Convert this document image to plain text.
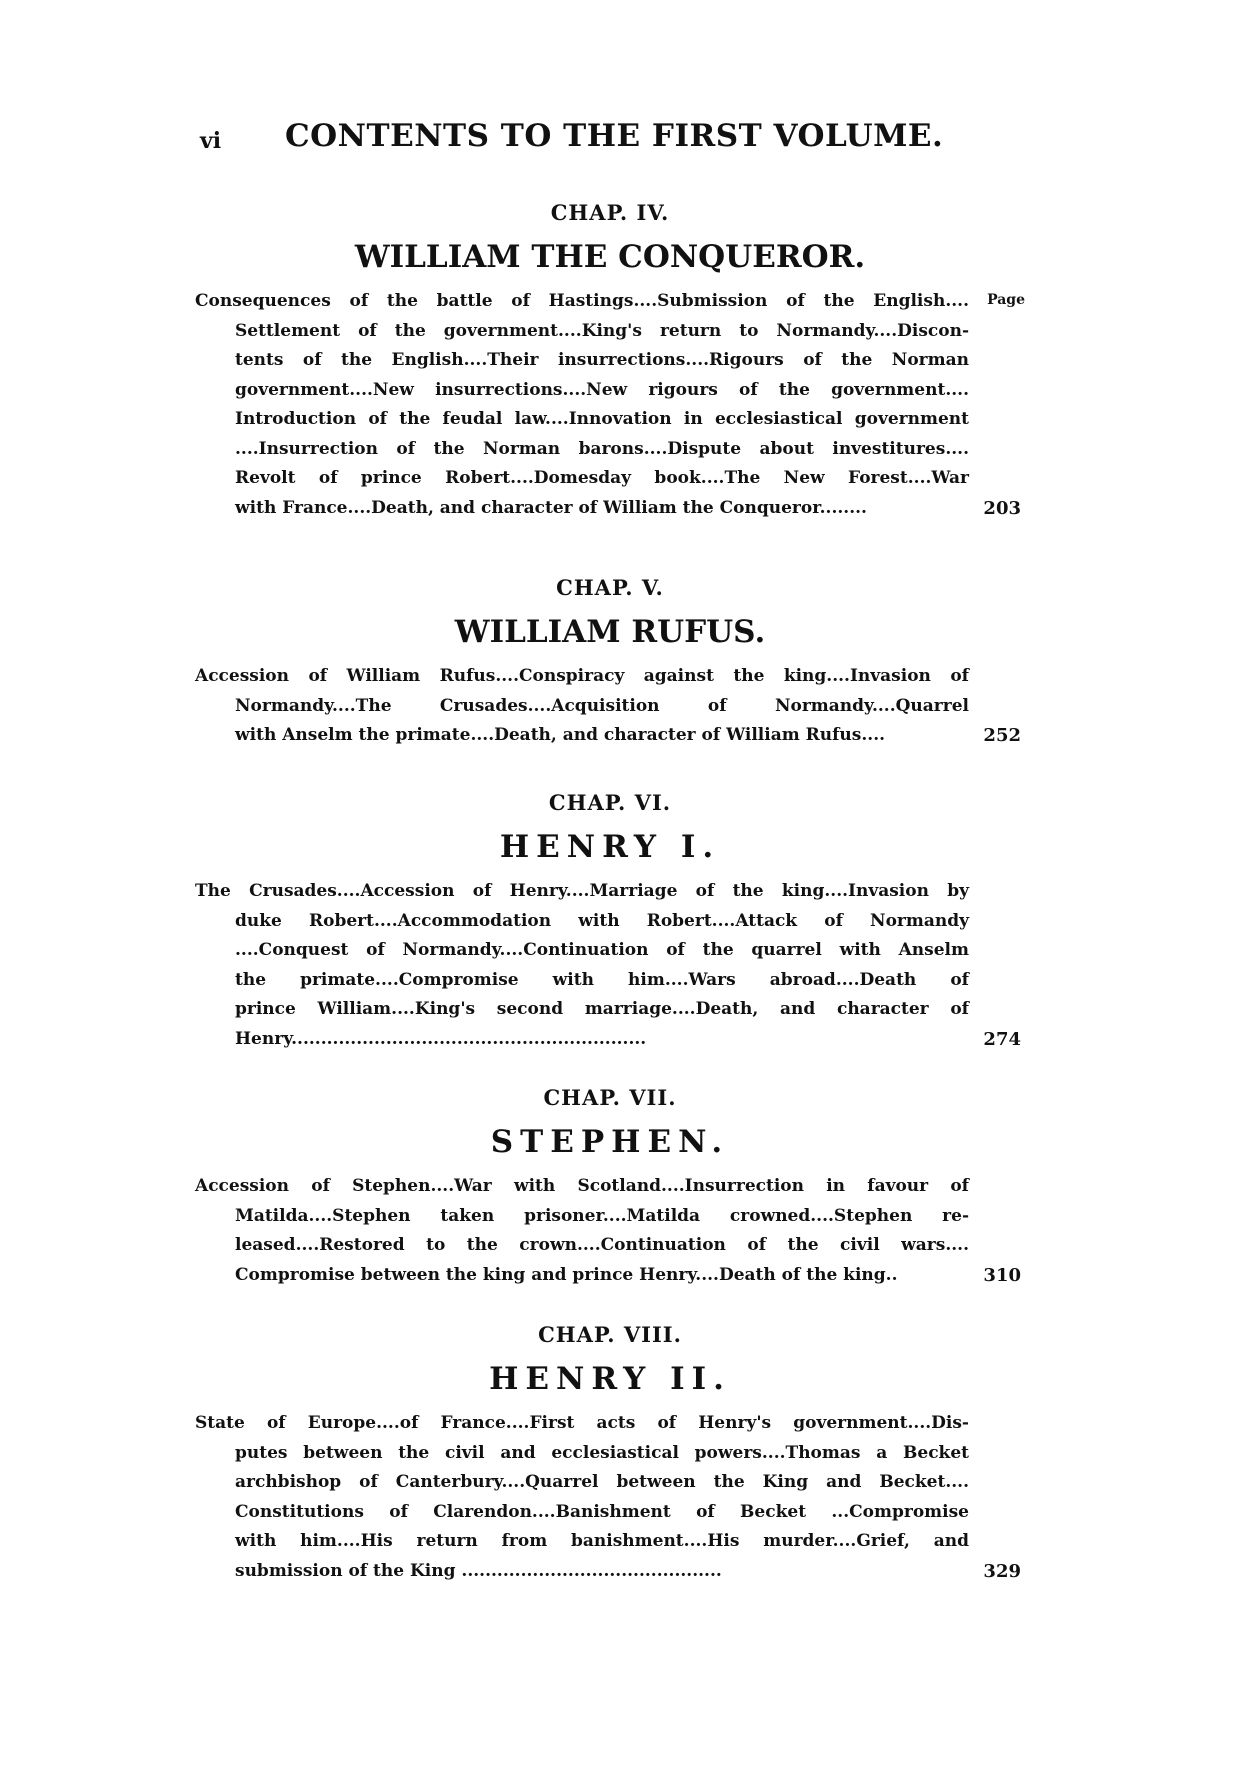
vi CONTENTS TO THE FIRST VOLUME.
CHAP. IV.
WILLIAM THE CONQUEROR.
Page
Consequences of the battle of Hastings....Submission of the English....
Settlement of the government....King's return to Normandy....Discon-
tents of the English....Their insurrections....Rigours of the Norman
government....New insurrections....New rigours of the government....
Introduction of the feudal law....Innovation in ecclesiastical government
....Insurrection of the Norman barons....Dispute about investitures....
Revolt of prince Robert....Domesday book....The New Forest....War
with France....Death, and character of William the Conqueror........	203
CHAP. V.
WILLIAM RUFUS.
Accession of William Rufus....Conspiracy against the king....Invasion of
Normandy....The Crusades....Acquisition of Normandy....Quarrel
with Anselm the primate....Death, and character of William Rufus....	252
CHAP. VI.
HENRY I.
The Crusades....Accession of Henry....Marriage of the king....Invasion by
duke Robert....Accommodation with Robert....Attack of Normandy
....Conquest of Normandy....Continuation of the quarrel with Anselm
the primate....Compromise with him....Wars abroad....Death of
prince William....King's second marriage....Death, and character of
Henry............................................................	274
CHAP. VII.
STEPHEN.
Accession of Stephen....War with Scotland....Insurrection in favour of
Matilda....Stephen taken prisoner....Matilda crowned....Stephen re-
leased....Restored to the crown....Continuation of the civil wars....
Compromise between the king and prince Henry....Death of the king..	310
CHAP. VIII.
HENRY II.
State of Europe....of France....First acts of Henry's government....Dis-
putes between the civil and ecclesiastical powers....Thomas a Becket
archbishop of Canterbury....Quarrel between the King and Becket....
Constitutions of Clarendon....Banishment of Becket ...Compromise
with him....His return from banishment....His murder....Grief, and
submission of the King ............................................	329
